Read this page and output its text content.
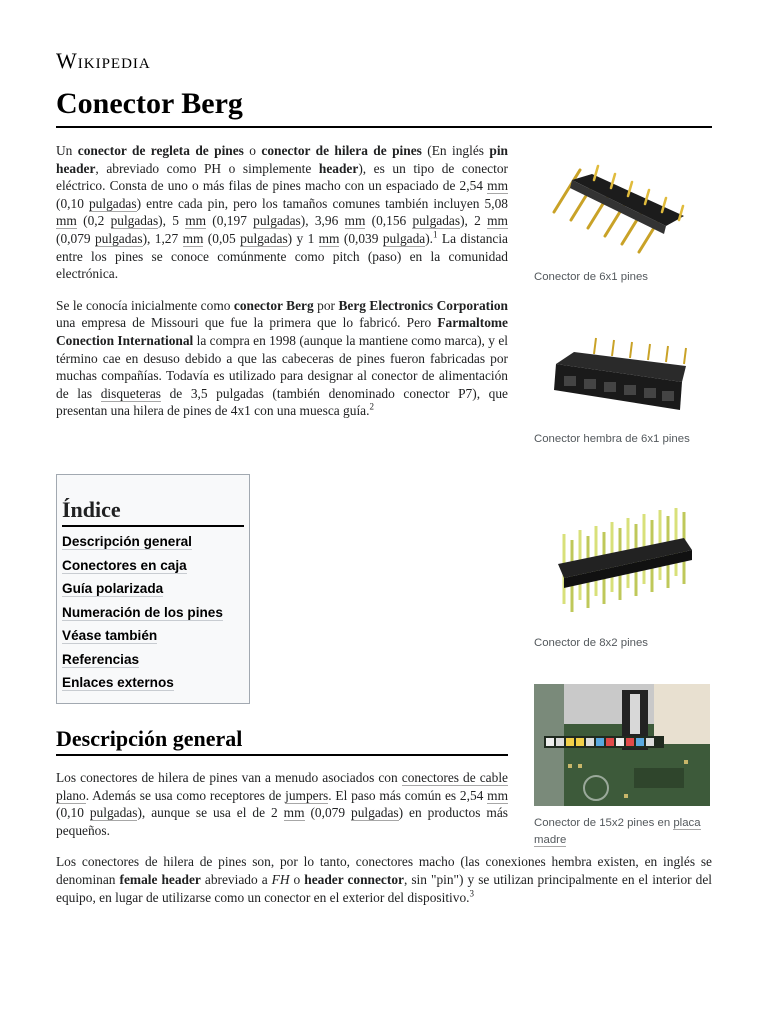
Wikipedia
Conector Berg

Un conector de regleta de pines o conector de hilera de pines (En inglés pin header, abreviado como PH o simplemente header), es un tipo de conector eléctrico. Consta de uno o más filas de pines macho con un espaciado de 2,54 mm (0,10 pulgadas) entre cada pin, pero los tamaños comunes también incluyen 5,08 mm (0,2 pulgadas), 5 mm (0,197 pulgadas), 3,96 mm (0,156 pulgadas), 2 mm (0,079 pulgadas), 1,27 mm (0,05 pulgadas) y 1 mm (0,039 pulgada).$^1$ La distancia entre los pines se conoce comúnmente como pitch (paso) en la comunidad electrónica.

Se le conocía inicialmente como conector Berg por Berg Electronics Corporation una empresa de Missouri que fue la primera que lo fabricó. Pero Farmaltome Conection International la compra en 1998 (aunque la mantiene como marca), y el término cae en desuso debido a que las cabeceras de pines fueron fabricadas por muchas compañías. Todavía es utilizado para designar al conector de alimentación de las disqueteras de 3,5 pulgadas (también denominado conector P7), que presentan una hilera de pines de 4x1 con una muesca guía.$^2$

Índice
Descripción general
Conectores en caja
Guía polarizada
Numeración de los pines
Véase también
Referencias
Enlaces externos
Descripción general

Los conectores de hilera de pines van a menudo asociados con conectores de cable plano. Además se usa como receptores de jumpers. El paso más común es 2,54 mm (0,10 pulgadas), aunque se usa el de 2 mm (0,079 pulgadas) en productos más pequeños.

Los conectores de hilera de pines son, por lo tanto, conectores macho (las conexiones hembra existen, en inglés se denominan female header abreviado a FH o header connector, sin "pin") y se utilizan principalmente en el interior del equipo, en lugar de utilizarse como un conector en el exterior del dispositivo.$^3$

Conector de 6x1 pines
Conector hembra de 6x1 pines
Conector de 8x2 pines
Conector de 15x2 pines en placa madre
